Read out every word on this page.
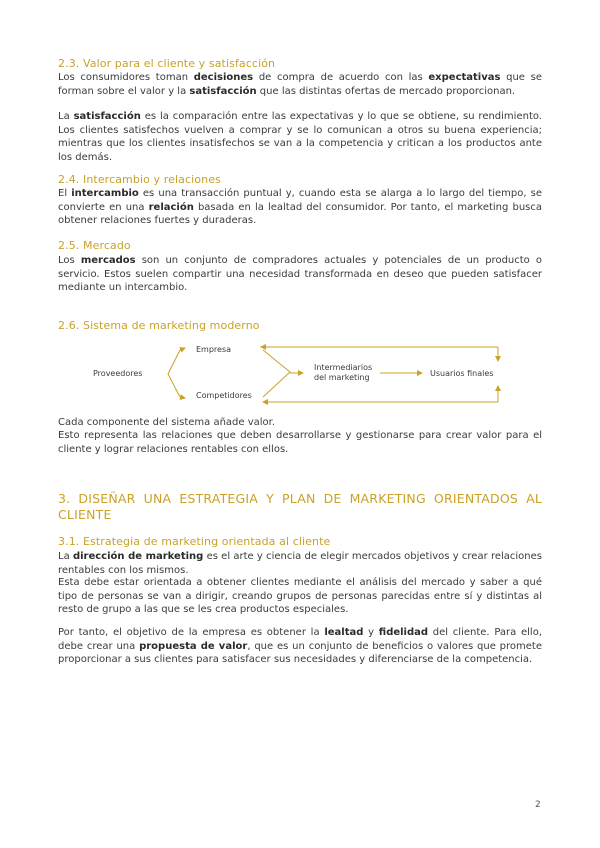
2.3. Valor para el cliente y satisfacción
Los consumidores toman decisiones de compra de acuerdo con las expectativas que se forman sobre el valor y la satisfacción que las distintas ofertas de mercado proporcionan.
La satisfacción es la comparación entre las expectativas y lo que se obtiene, su rendimiento. Los clientes satisfechos vuelven a comprar y se lo comunican a otros su buena experiencia; mientras que los clientes insatisfechos se van a la competencia y critican a los productos ante los demás.
2.4. Intercambio y relaciones
El intercambio es una transacción puntual y, cuando esta se alarga a lo largo del tiempo, se convierte en una relación basada en la lealtad del consumidor. Por tanto, el marketing busca obtener relaciones fuertes y duraderas.
2.5. Mercado
Los mercados son un conjunto de compradores actuales y potenciales de un producto o servicio. Estos suelen compartir una necesidad transformada en deseo que pueden satisfacer mediante un intercambio.
2.6. Sistema de marketing moderno
Proveedores
Empresa
Competidores
Intermediarios
del marketing	Usuarios finales
Cada componente del sistema añade valor.
Esto representa las relaciones que deben desarrollarse y gestionarse para crear valor para el cliente y lograr relaciones rentables con ellos.
3. DISEÑAR UNA ESTRATEGIA Y PLAN DE MARKETING ORIENTADOS AL CLIENTE
3.1. Estrategia de marketing orientada al cliente
La dirección de marketing es el arte y ciencia de elegir mercados objetivos y crear relaciones rentables con los mismos.
Esta debe estar orientada a obtener clientes mediante el análisis del mercado y saber a qué tipo de personas se van a dirigir, creando grupos de personas parecidas entre sí y distintas al resto de grupo a las que se les crea productos especiales.
Por tanto, el objetivo de la empresa es obtener la lealtad y fidelidad del cliente. Para ello, debe crear una propuesta de valor, que es un conjunto de beneficios o valores que promete proporcionar a sus clientes para satisfacer sus necesidades y diferenciarse de la competencia.
2
